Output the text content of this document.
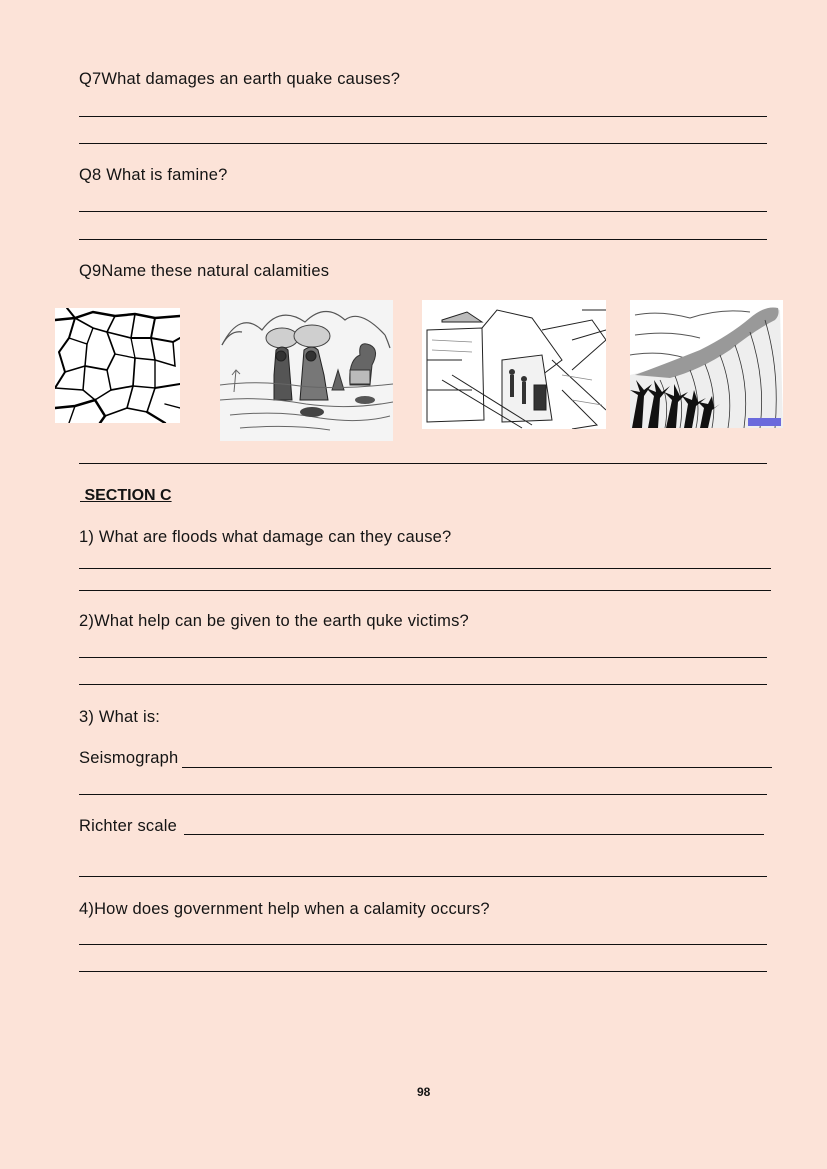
Q7What damages an earth quake causes?
Q8 What is famine?
Q9Name these natural calamities
SECTION C
1) What are floods what damage can they cause?
2)What help can be given to the earth quke victims?
3) What is:
Seismograph
Richter scale
4)How does government help when a calamity occurs?
98
